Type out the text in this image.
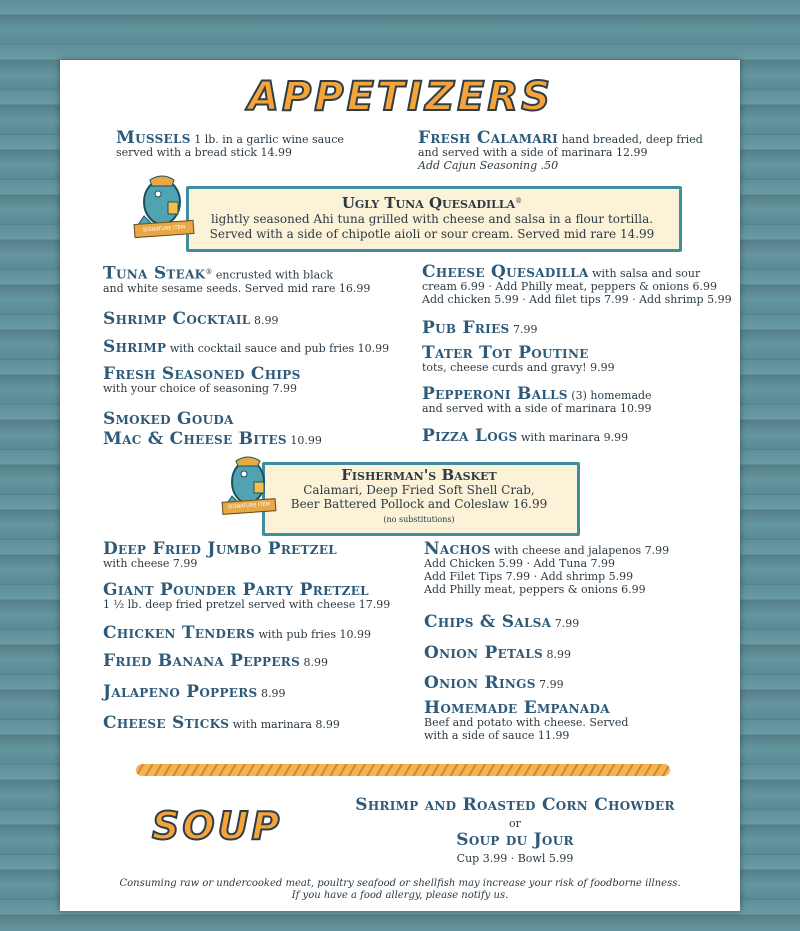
APPETIZERS
Mussels 1 lb. in a garlic wine sauce
served with a bread stick 14.99
Fresh Calamari hand breaded, deep fried
and served with a side of marinara 12.99
Add Cajun Seasoning .50
Ugly Tuna Quesadilla®
lightly seasoned Ahi tuna grilled with cheese and salsa in a flour tortilla.
Served with a side of chipotle aioli or sour cream. Served mid rare 14.99
SIGNATURE ITEM
Tuna Steak® encrusted with black
and white sesame seeds. Served mid rare 16.99
Shrimp Cocktail 8.99
Shrimp with cocktail sauce and pub fries 10.99
Fresh Seasoned Chips
with your choice of seasoning 7.99
Smoked Gouda
Mac & Cheese Bites 10.99
Cheese Quesadilla with salsa and sour
cream 6.99 · Add Philly meat, peppers & onions 6.99
Add chicken 5.99 · Add filet tips 7.99 · Add shrimp 5.99
Pub Fries 7.99
Tater Tot Poutine
tots, cheese curds and gravy! 9.99
Pepperoni Balls (3) homemade
and served with a side of marinara 10.99
Pizza Logs with marinara 9.99
Fisherman's Basket
Calamari, Deep Fried Soft Shell Crab,
Beer Battered Pollock and Coleslaw 16.99
(no substitutions)
SIGNATURE ITEM
Deep Fried Jumbo Pretzel
with cheese 7.99
Giant Pounder Party Pretzel
1 ½ lb. deep fried pretzel served with cheese 17.99
Chicken Tenders with pub fries 10.99
Fried Banana Peppers 8.99
Jalapeno Poppers 8.99
Cheese Sticks with marinara 8.99
Nachos with cheese and jalapenos 7.99
Add Chicken 5.99 · Add Tuna 7.99
Add Filet Tips 7.99 · Add shrimp 5.99
Add Philly meat, peppers & onions 6.99
Chips & Salsa 7.99
Onion Petals 8.99
Onion Rings 7.99
Homemade Empanada
Beef and potato with cheese. Served
with a side of sauce 11.99
SOUP	Shrimp and Roasted Corn Chowder
or
Soup du Jour
Cup 3.99 · Bowl 5.99
Consuming raw or undercooked meat, poultry seafood or shellfish may increase your risk of foodborne illness.
If you have a food allergy, please notify us.
